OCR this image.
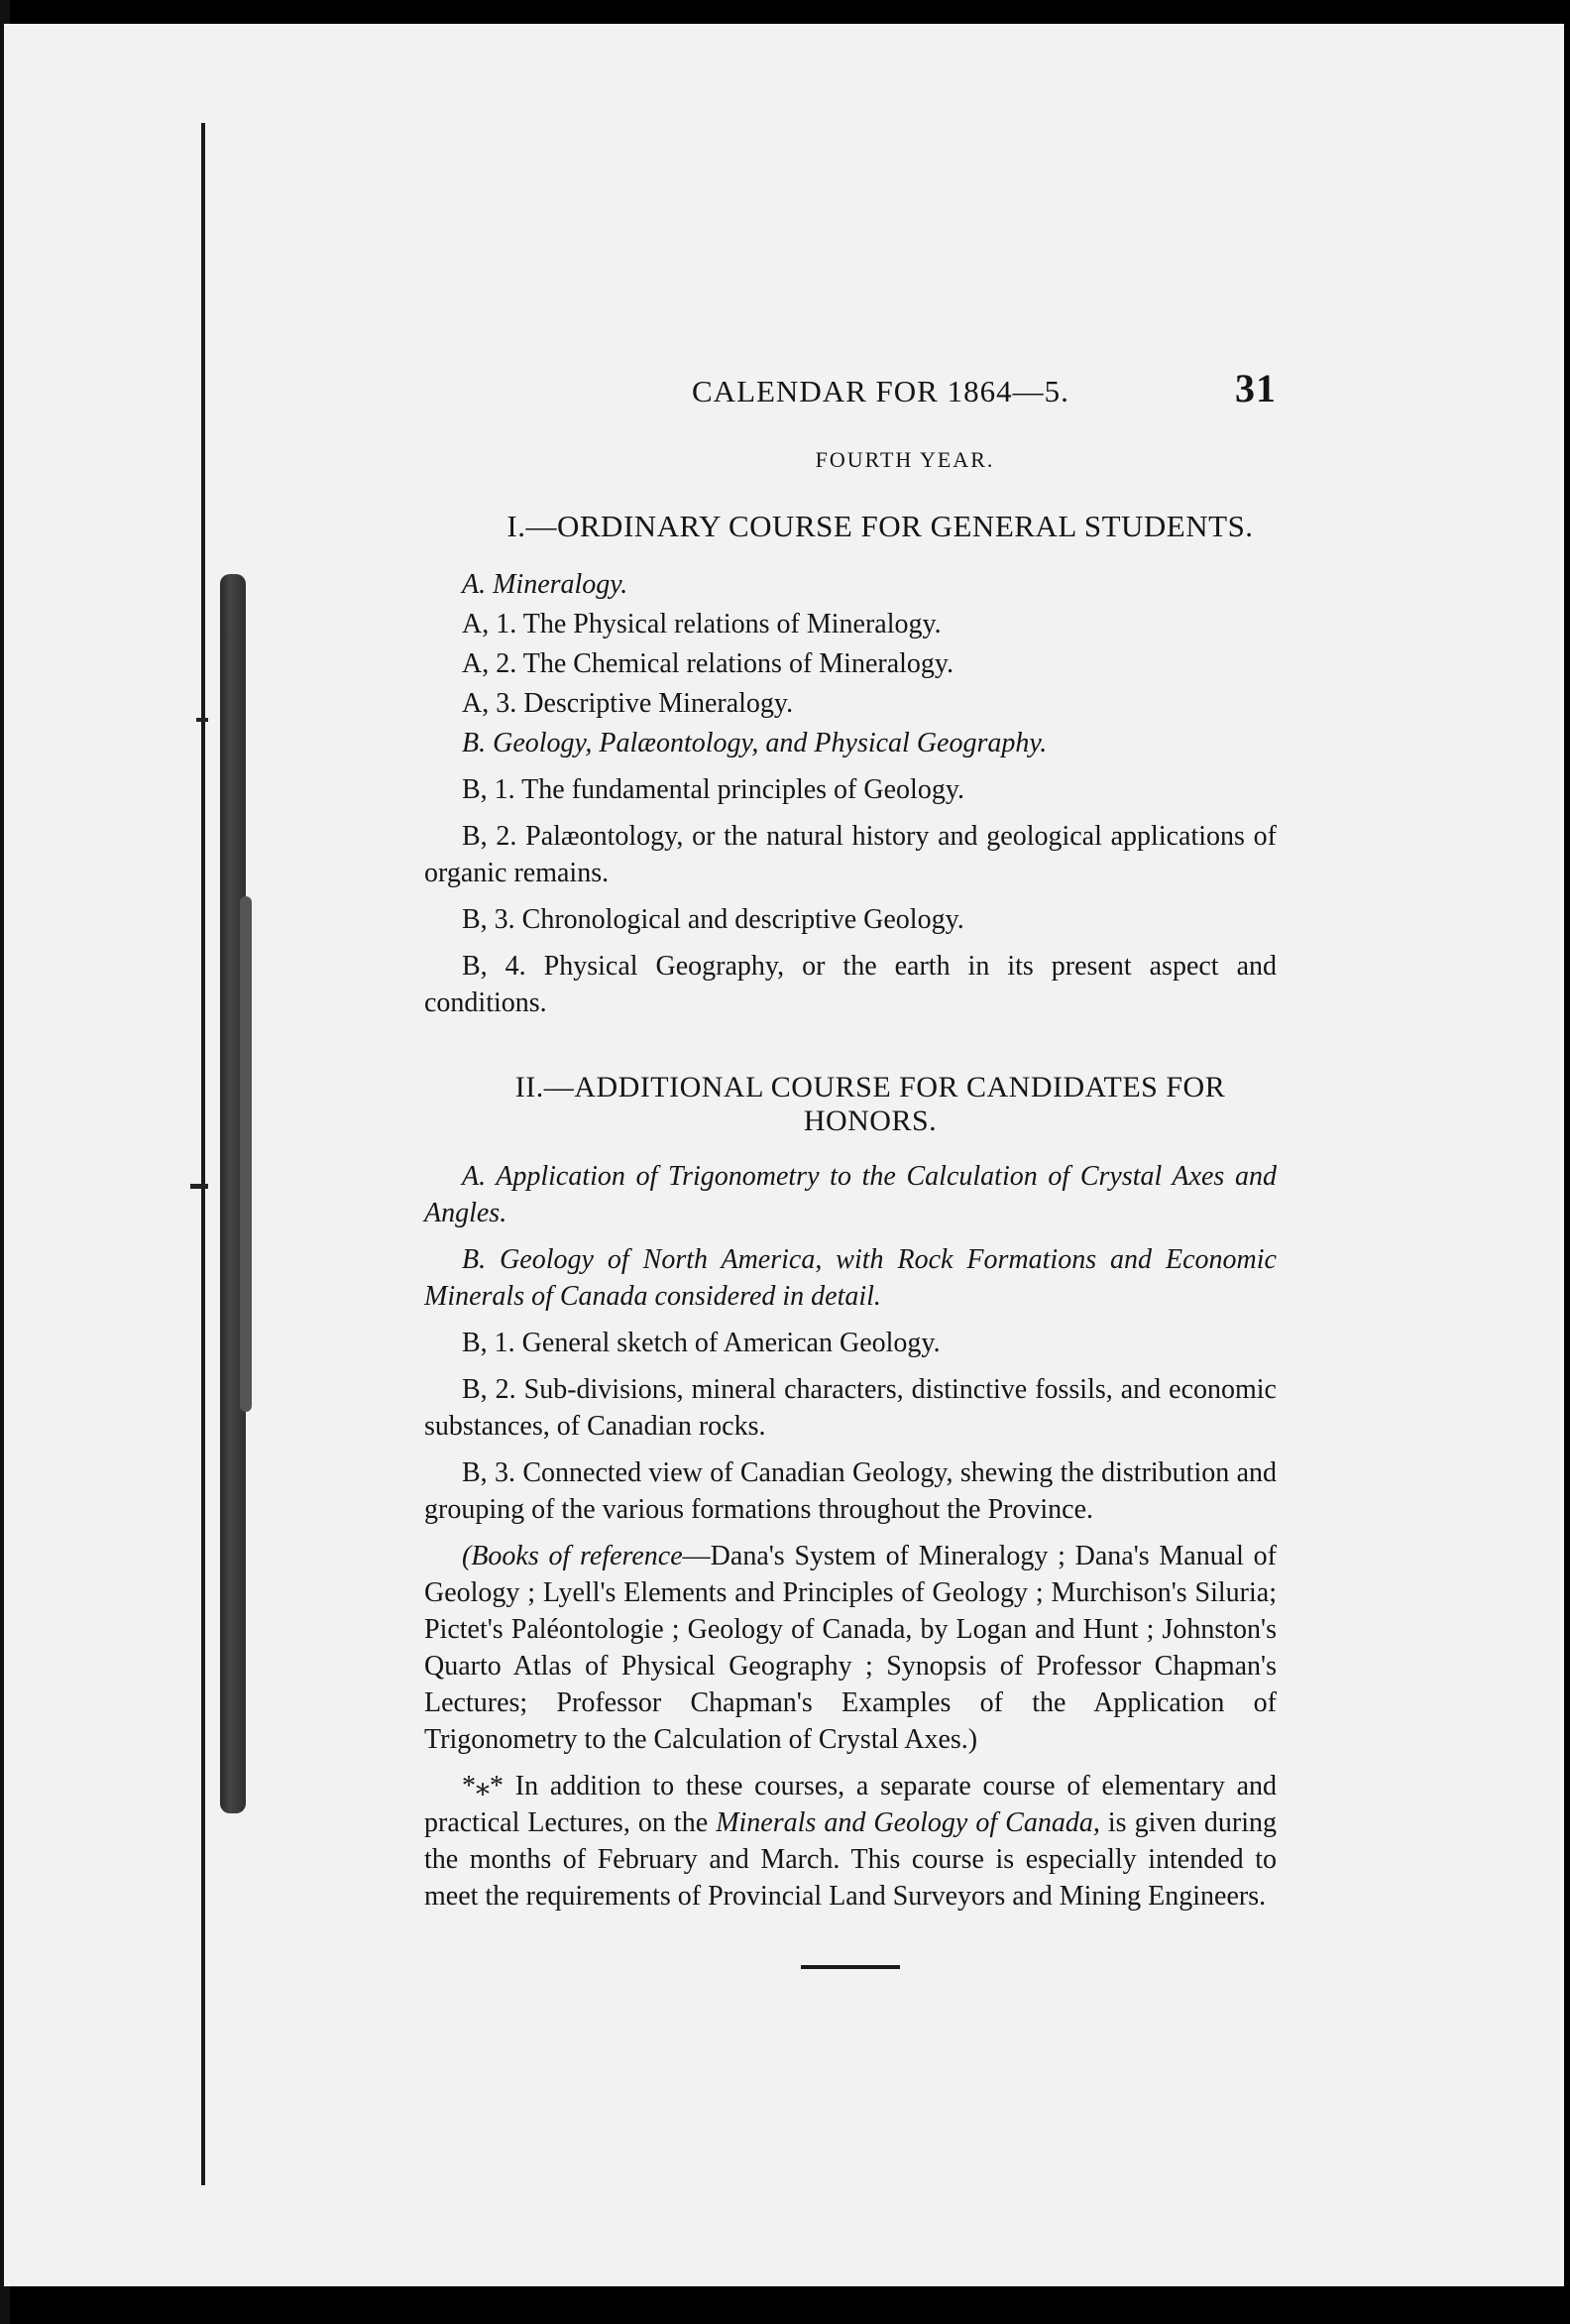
CALENDAR FOR 1864—5.	31
FOURTH YEAR.
I.—ORDINARY COURSE FOR GENERAL STUDENTS.
A. Mineralogy.
A, 1. The Physical relations of Mineralogy.
A, 2. The Chemical relations of Mineralogy.
A, 3. Descriptive Mineralogy.
B. Geology, Palæontology, and Physical Geography.
B, 1. The fundamental principles of Geology.
B, 2. Palæontology, or the natural history and geological applications of organic remains.
B, 3. Chronological and descriptive Geology.
B, 4. Physical Geography, or the earth in its present aspect and conditions.
II.—ADDITIONAL COURSE FOR CANDIDATES FOR HONORS.
A. Application of Trigonometry to the Calculation of Crystal Axes and Angles.
B. Geology of North America, with Rock Formations and Economic Minerals of Canada considered in detail.
B, 1. General sketch of American Geology.
B, 2. Sub-divisions, mineral characters, distinctive fossils, and economic substances, of Canadian rocks.
B, 3. Connected view of Canadian Geology, shewing the distribution and grouping of the various formations throughout the Province.
(Books of reference—Dana's System of Mineralogy ; Dana's Manual of Geology ; Lyell's Elements and Principles of Geology ; Murchison's Siluria; Pictet's Paléontologie ; Geology of Canada, by Logan and Hunt ; Johnston's Quarto Atlas of Physical Geography ; Synopsis of Professor Chapman's Lectures; Professor Chapman's Examples of the Application of Trigonometry to the Calculation of Crystal Axes.)
*⁎* In addition to these courses, a separate course of elementary and practical Lectures, on the Minerals and Geology of Canada, is given during the months of February and March. This course is especially intended to meet the requirements of Provincial Land Surveyors and Mining Engineers.
